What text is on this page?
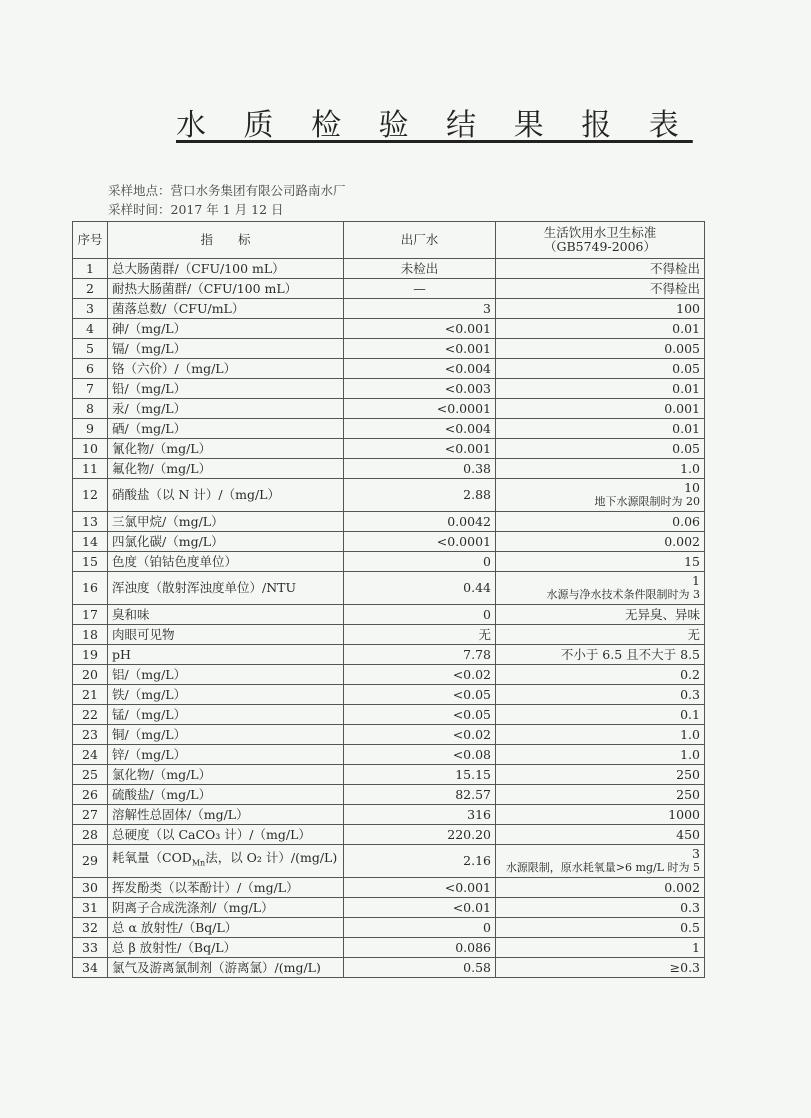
水 质 检 验 结 果 报 表
采样地点：营口水务集团有限公司路南水厂
采样时间：2017 年 1 月 12 日
序号	指　　标	出厂水	生活饮用水卫生标准
（GB5749-2006）

1	总大肠菌群/（CFU/100 mL）	未检出	不得检出
2	耐热大肠菌群/（CFU/100 mL）	—	不得检出
3	菌落总数/（CFU/mL）	3	100
4	砷/（mg/L）	<0.001	0.01
5	镉/（mg/L）	<0.001	0.005
6	铬（六价）/（mg/L）	<0.004	0.05
7	铅/（mg/L）	<0.003	0.01
8	汞/（mg/L）	<0.0001	0.001
9	硒/（mg/L）	<0.004	0.01
10	氰化物/（mg/L）	<0.001	0.05
11	氟化物/（mg/L）	0.38	1.0
12	硝酸盐（以 N 计）/（mg/L）	2.88	10
地下水源限制时为 20

13	三氯甲烷/（mg/L）	0.0042	0.06
14	四氯化碳/（mg/L）	<0.0001	0.002
15	色度（铂钴色度单位）	0	15
16	浑浊度（散射浑浊度单位）/NTU	0.44	1
水源与净水技术条件限制时为 3

17	臭和味	0	无异臭、异味
18	肉眼可见物	无	无
19	pH	7.78	不小于 6.5 且不大于 8.5
20	铝/（mg/L）	<0.02	0.2
21	铁/（mg/L）	<0.05	0.3
22	锰/（mg/L）	<0.05	0.1
23	铜/（mg/L）	<0.02	1.0
24	锌/（mg/L）	<0.08	1.0
25	氯化物/（mg/L）	15.15	250
26	硫酸盐/（mg/L）	82.57	250
27	溶解性总固体/（mg/L）	316	1000
28	总硬度（以 CaCO₃ 计）/（mg/L）	220.20	450
29	耗氧量（$COD_{Mn}$法，以 O₂ 计）/(mg/L)	2.16	3
水源限制，原水耗氧量>6 mg/L 时为 5

30	挥发酚类（以苯酚计）/（mg/L）	<0.001	0.002
31	阴离子合成洗涤剂/（mg/L）	<0.01	0.3
32	总 α 放射性/（Bq/L）	0	0.5
33	总 β 放射性/（Bq/L）	0.086	1
34	氯气及游离氯制剂（游离氯）/(mg/L)	0.58	≥0.3
